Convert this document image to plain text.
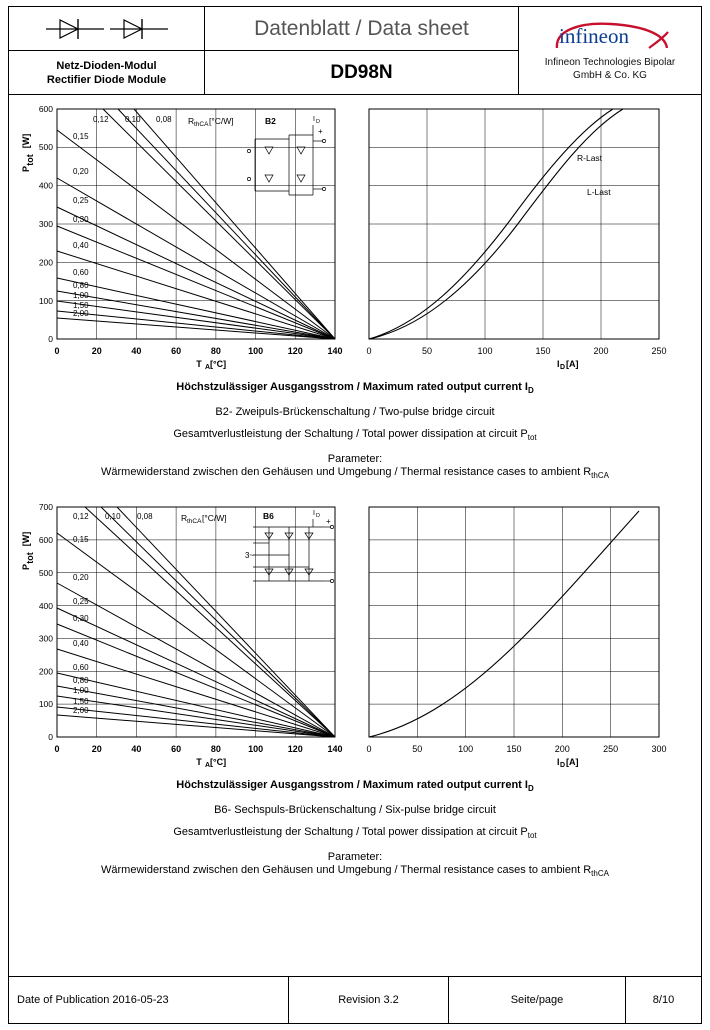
Netz-Dioden-Modul
Rectifier Diode Module
Datenblatt / Data sheet
DD98N
infineon
Infineon Technologies Bipolar
GmbH & Co. KG
600
500
400
300
200
100
0
0	20	40	60	80	100	120	140
P
tot
[W]
T A [°C]
0,12 0,10 0,08
0,15
0,20
0,25
0,30
0,40
0,60
0,80
1,00
1,50
2,00
R thCA [°C/W]	B2
+
I D
0	50	100	150	200	250
I D [A]
R-Last
L-Last
Höchstzulässiger Ausgangsstrom / Maximum rated output current $I_D$
B2- Zweipuls-Brückenschaltung / Two-pulse bridge circuit
Gesamtverlustleistung der Schaltung / Total power dissipation at circuit $P_{tot}$
Parameter:
Wärmewiderstand zwischen den Gehäusen und Umgebung / Thermal resistance cases to ambient $R_{thCA}$
700
600
500
400
300
200
100
0
0	20	40	60	80	100	120	140
P
tot
[W]
T A [°C]
0,12 0,10 0,08
0,15
0,20
0,25
0,30
0,40
0,60
0,80
1,00
1,50
2,00
R thCA [°C/W]	B6
3~
+
I D
0	50	100	150	200	250	300
I D [A]
Höchstzulässiger Ausgangsstrom / Maximum rated output current $I_D$
B6- Sechspuls-Brückenschaltung / Six-pulse bridge circuit
Gesamtverlustleistung der Schaltung / Total power dissipation at circuit $P_{tot}$
Parameter:
Wärmewiderstand zwischen den Gehäusen und Umgebung / Thermal resistance cases to ambient $R_{thCA}$
Date of Publication 2016-05-23	Revision 3.2	Seite/page	8/10
